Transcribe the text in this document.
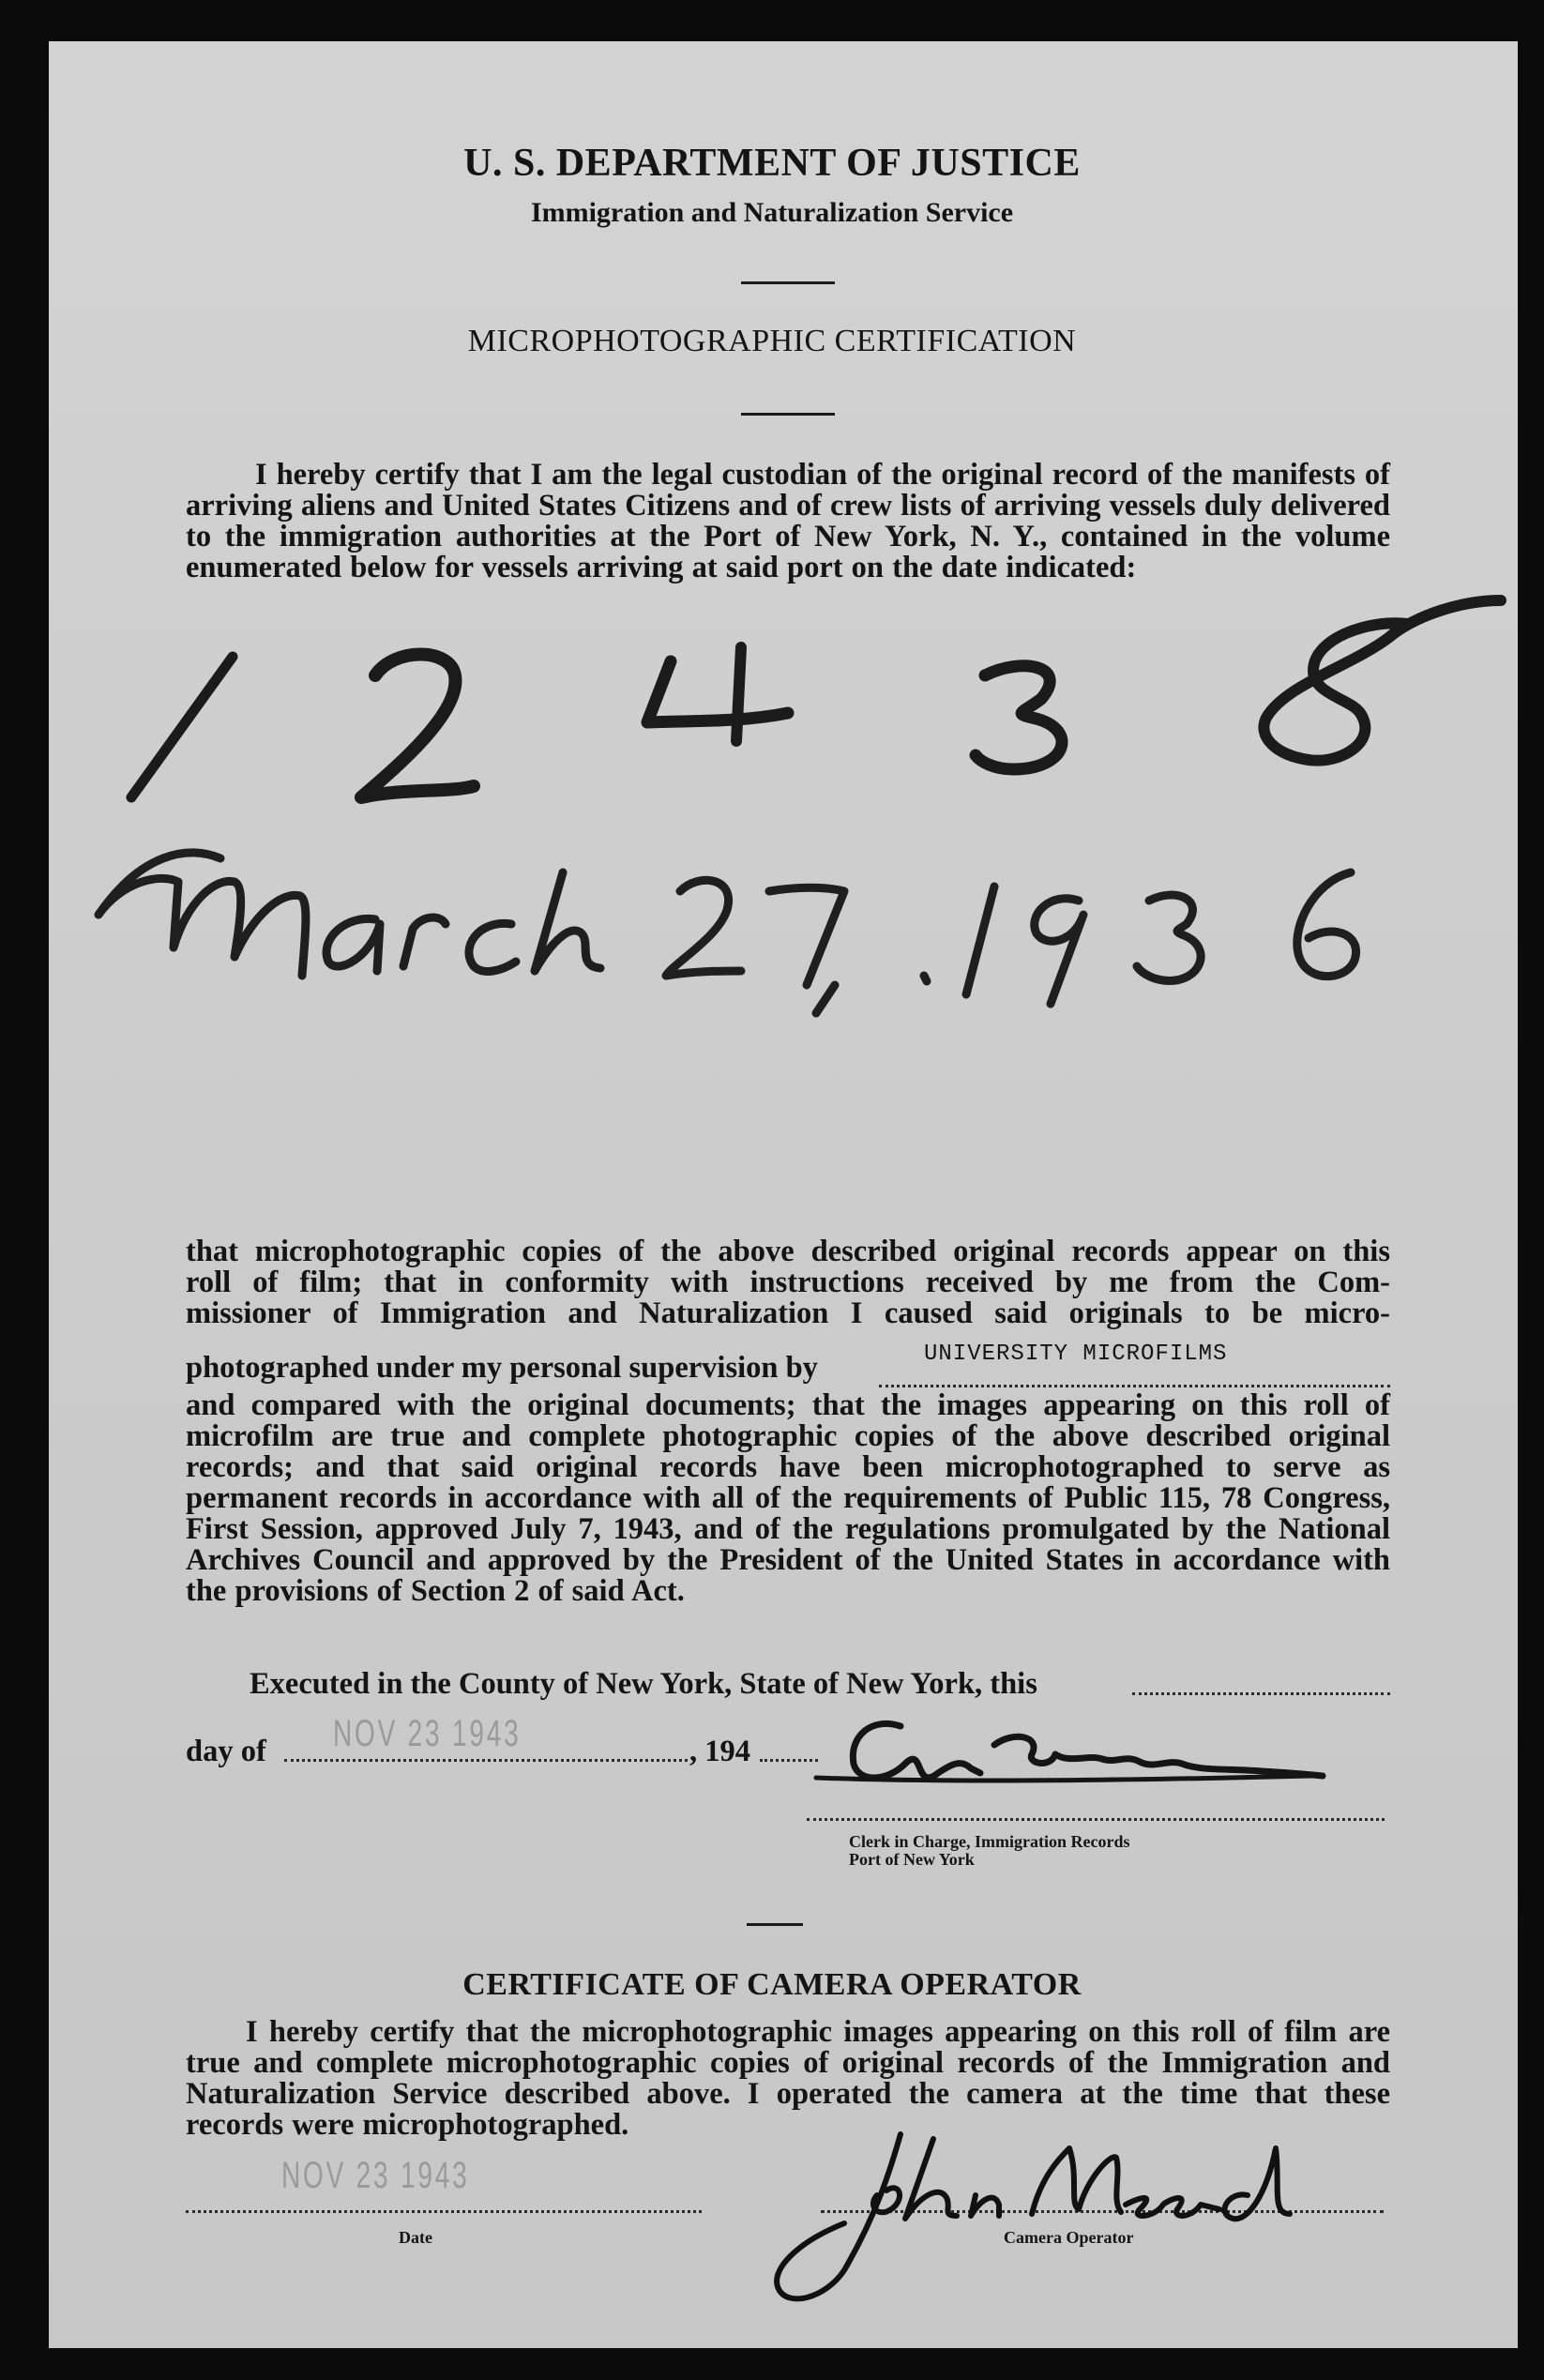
U. S. DEPARTMENT OF JUSTICE
Immigration and Naturalization Service
MICROPHOTOGRAPHIC CERTIFICATION
I hereby certify that I am the legal custodian of the original record of the manifests of arriving aliens and United States Citizens and of crew lists of arriving vessels duly delivered to the immigration authorities at the Port of New York, N. Y., contained in the volume enumerated below for vessels arriving at said port on the date indicated:
that microphotographic copies of the above described original records appear on this
roll of film; that in conformity with instructions received by me from the Com-
missioner of Immigration and Naturalization I caused said originals to be micro-
photographed under my personal supervision by	UNIVERSITY MICROFILMS
and compared with the original documents; that the images appearing on this roll of microfilm are true and complete photographic copies of the above described original records; and that said original records have been microphotographed to serve as permanent records in accordance with all of the requirements of Public 115, 78 Congress, First Session, approved July 7, 1943, and of the regulations promulgated by the National Archives Council and approved by the President of the United States in accordance with the provisions of Section 2 of said Act.
Executed in the County of New York, State of New York, this
day of NOV 23 1943	, 194
Clerk in Charge, Immigration Records
Port of New York
CERTIFICATE OF CAMERA OPERATOR
I hereby certify that the microphotographic images appearing on this roll of film are true and complete microphotographic copies of original records of the Immigration and Naturalization Service described above. I operated the camera at the time that these records were microphotographed.
NOV 23 1943
Date	Camera Operator
